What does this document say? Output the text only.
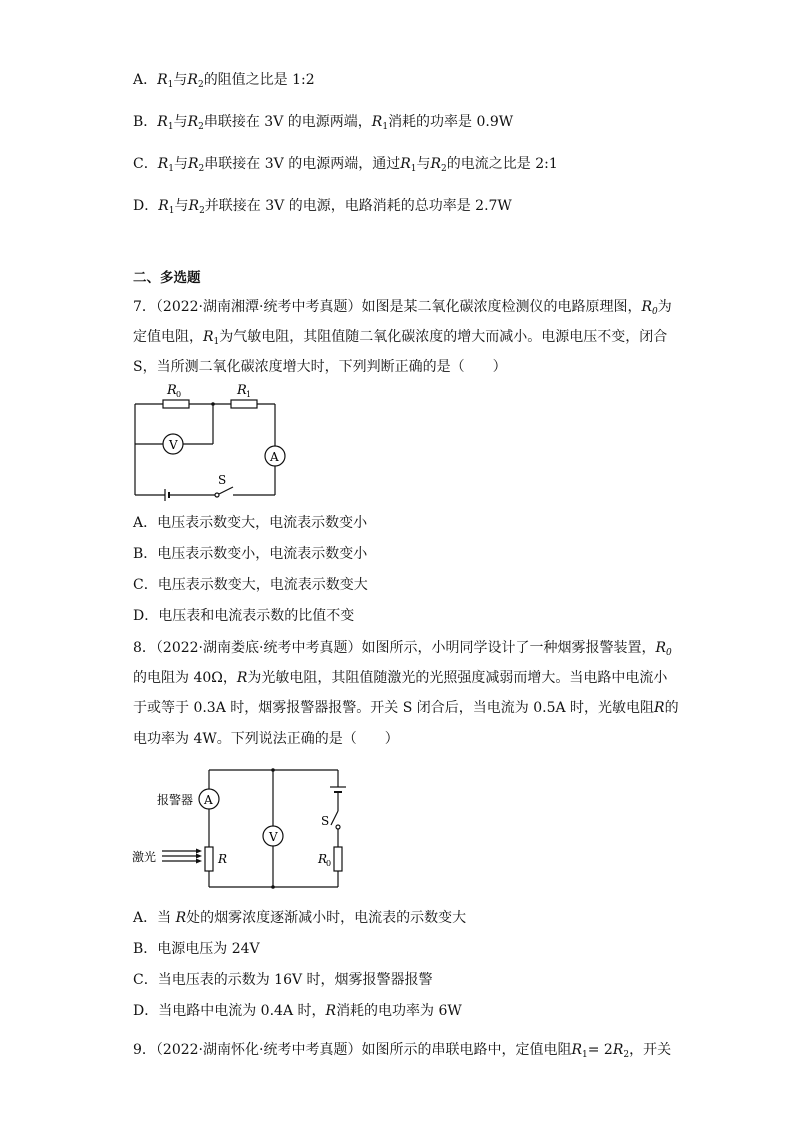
A．$R_1$与$R_2$的阻值之比是 1:2
B．$R_1$与$R_2$串联接在 3V 的电源两端，$R_1$消耗的功率是 0.9W
C．$R_1$与$R_2$串联接在 3V 的电源两端，通过$R_1$与$R_2$的电流之比是 2:1
D．$R_1$与$R_2$并联接在 3V 的电源，电路消耗的总功率是 2.7W
二、多选题
7．（2022·湖南湘潭·统考中考真题）如图是某二氧化碳浓度检测仪的电路原理图，$R_0$为
定值电阻，$R_1$为气敏电阻，其阻值随二氧化碳浓度的增大而减小。电源电压不变，闭合
S，当所测二氧化碳浓度增大时，下列判断正确的是（　　）
R 0	R 1
V
A
S
A．电压表示数变大，电流表示数变小
B．电压表示数变小，电流表示数变小
C．电压表示数变大，电流表示数变大
D．电压表和电流表示数的比值不变
8．（2022·湖南娄底·统考中考真题）如图所示，小明同学设计了一种烟雾报警装置，$R_0$
的电阻为 40Ω，R为光敏电阻，其阻值随激光的光照强度减弱而增大。当电路中电流小
于或等于 0.3A 时，烟雾报警器报警。开关 S 闭合后，当电流为 0.5A 时，光敏电阻R的
电功率为 4W。下列说法正确的是（　　）
报警器
激光
A
V
S
R	R
0
A．当 R处的烟雾浓度逐渐减小时，电流表的示数变大
B．电源电压为 24V
C．当电压表的示数为 16V 时，烟雾报警器报警
D．当电路中电流为 0.4A 时，R消耗的电功率为 6W
9．（2022·湖南怀化·统考中考真题）如图所示的串联电路中，定值电阻$R_1= 2R_2$，开关
